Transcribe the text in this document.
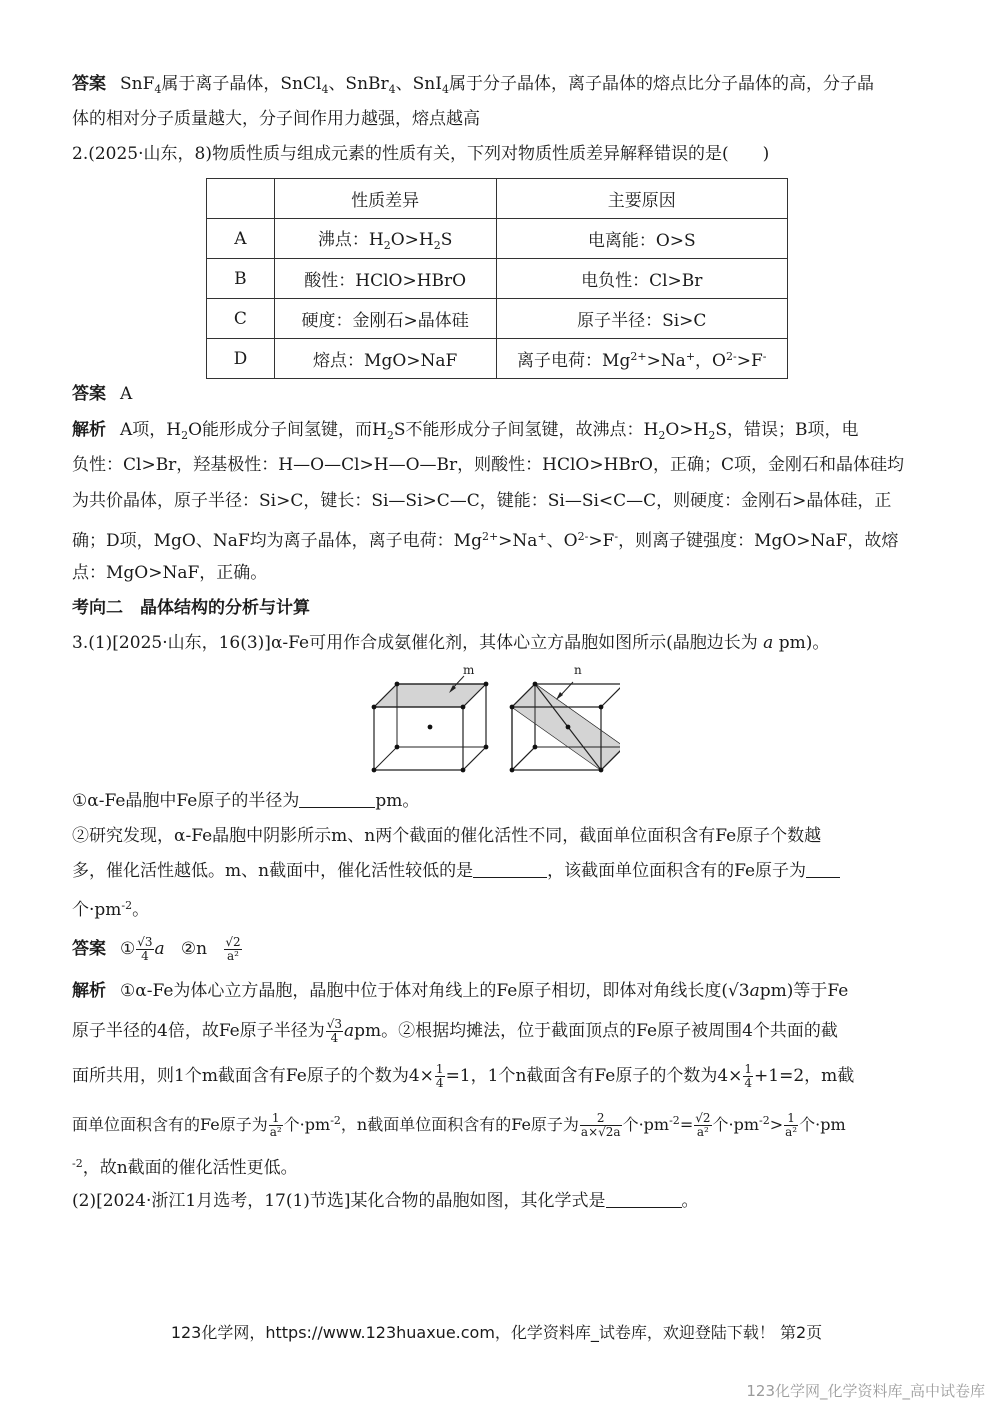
答案 SnF$_4$属于离子晶体，SnCl$_4$、SnBr$_4$、SnI$_4$属于分子晶体，离子晶体的熔点比分子晶体的高，分子晶
体的相对分子质量越大，分子间作用力越强，熔点越高
2.(2025·山东，8)物质性质与组成元素的性质有关，下列对物质性质差异解释错误的是(　　)
	性质差异	主要原因
A	沸点：$H_2O>H_2S$	电离能：O>S
B	酸性：HClO>HBrO	电负性：Cl>Br
C	硬度：金刚石>晶体硅	原子半径：Si>C
D	熔点：MgO>NaF	离子电荷：$Mg^{2+}>Na^+$，$O^{2-}>F^-$
答案 A
解析 A项，$H_2O$能形成分子间氢键，而$H_2S$不能形成分子间氢键，故沸点：$H_2O>H_2S$，错误；B项，电
负性：Cl>Br，羟基极性：H—O—Cl>H—O—Br，则酸性：HClO>HBrO，正确；C项，金刚石和晶体硅均
为共价晶体，原子半径：Si>C，键长：Si—Si>C—C，键能：Si—Si<C—C，则硬度：金刚石>晶体硅，正
确；D项，MgO、NaF均为离子晶体，离子电荷：$Mg^{2+}>Na^+$、$O^{2-}>F^-$，则离子键强度：MgO>NaF，故熔
点：MgO>NaF，正确。
考向二　晶体结构的分析与计算
3.(1)[2025·山东，16(3)]α-Fe可用作合成氨催化剂，其体心立方晶胞如图所示(晶胞边长为 a pm)。
m	n
①α-Fe晶胞中Fe原子的半径为	pm。
②研究发现，α-Fe晶胞中阴影所示m、n两个截面的催化活性不同，截面单位面积含有Fe原子个数越
多，催化活性越低。m、n截面中，催化活性较低的是	，该截面单位面积含有的Fe原子为
个$\cdot pm^{-2}$。
答案 ① $\frac{√3}{4}$ a ②n $\frac{√2}{\text{a²}}$
解析 ①α-Fe为体心立方晶胞，晶胞中位于体对角线上的Fe原子相切，即体对角线长度(√3apm)等于Fe
原子半径的4倍，故Fe原子半径为 $\frac{√3}{4}$ apm。②根据均摊法，位于截面顶点的Fe原子被周围4个共面的截
面所共用，则1个m截面含有Fe原子的个数为$4\times \frac{1}{4} =1$，1个n截面含有Fe原子的个数为$4\times \frac{1}{4} +1=2$，m截
面单位面积含有的Fe原子为 $\frac{1}{\text{a²}}$ 个$\cdot pm^{-2}$，n截面单位面积含有的Fe原子为 $\frac{2}{a\times√2a}$ 个$\cdot pm^{-2}= \frac{√2}{\text{a²}}$ 个$\cdot pm^{-2}> \frac{1}{\text{a²}}$ 个·pm
$^{-2}$，故n截面的催化活性更低。
(2)[2024·浙江1月选考，17(1)节选]某化合物的晶胞如图，其化学式是	。
123化学网，https://www.123huaxue.com，化学资料库_试卷库，欢迎登陆下载！ 第2页
123化学网_化学资料库_高中试卷库
